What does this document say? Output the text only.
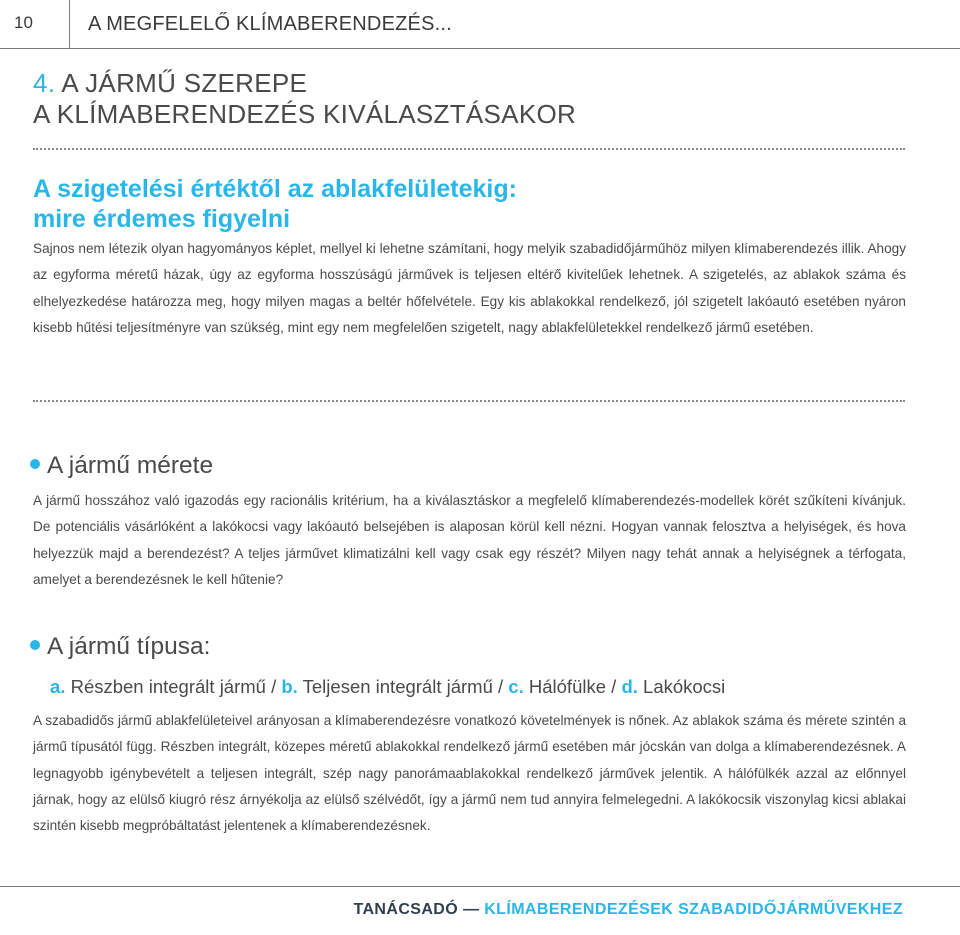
10	A MEGFELELŐ KLÍMABERENDEZÉS...
4. A JÁRMŰ SZEREPE
A KLÍMABERENDEZÉS KIVÁLASZTÁSAKOR
A szigetelési értéktől az ablakfelületekig:
mire érdemes figyelni

Sajnos nem létezik olyan hagyományos képlet, mellyel ki lehetne számítani, hogy melyik szabadidőjárműhöz milyen klímaberendezés illik. Ahogy az egyforma méretű házak, úgy az egyforma hosszúságú járművek is teljesen eltérő kivitelűek lehetnek. A szigetelés, az ablakok száma és elhelyezkedése határozza meg, hogy milyen magas a beltér hőfelvétele. Egy kis ablakokkal rendelkező, jól szigetelt lakóautó esetében nyáron kisebb hűtési teljesítményre van szükség, mint egy nem megfelelően szigetelt, nagy ablakfelületekkel rendelkező jármű esetében.

A jármű mérete

A jármű hosszához való igazodás egy racionális kritérium, ha a kiválasztáskor a megfelelő klímaberendezés-modellek körét szűkíteni kívánjuk. De potenciális vásárlóként a lakókocsi vagy lakóautó belsejében is alaposan körül kell nézni. Hogyan vannak felosztva a helyiségek, és hova helyezzük majd a berendezést? A teljes járművet klimatizálni kell vagy csak egy részét? Milyen nagy tehát annak a helyiségnek a térfogata, amelyet a berendezésnek le kell hűtenie?

A jármű típusa:
a. Részben integrált jármű / b. Teljesen integrált jármű / c. Hálófülke / d. Lakókocsi

A szabadidős jármű ablakfelületeivel arányosan a klímaberendezésre vonatkozó követelmények is nőnek. Az ablakok száma és mérete szintén a jármű típusától függ. Részben integrált, közepes méretű ablakokkal rendelkező jármű esetében már jócskán van dolga a klímaberendezésnek. A legnagyobb igénybevételt a teljesen integrált, szép nagy panorámaablakokkal rendelkező járművek jelentik. A hálófülkék azzal az előnnyel járnak, hogy az elülső kiugró rész árnyékolja az elülső szélvédőt, így a jármű nem tud annyira felmelegedni. A lakókocsik viszonylag kicsi ablakai szintén kisebb megpróbáltatást jelentenek a klímaberendezésnek.

TANÁCSADÓ — KLÍMABERENDEZÉSEK SZABADIDŐJÁRMŰVEKHEZ
